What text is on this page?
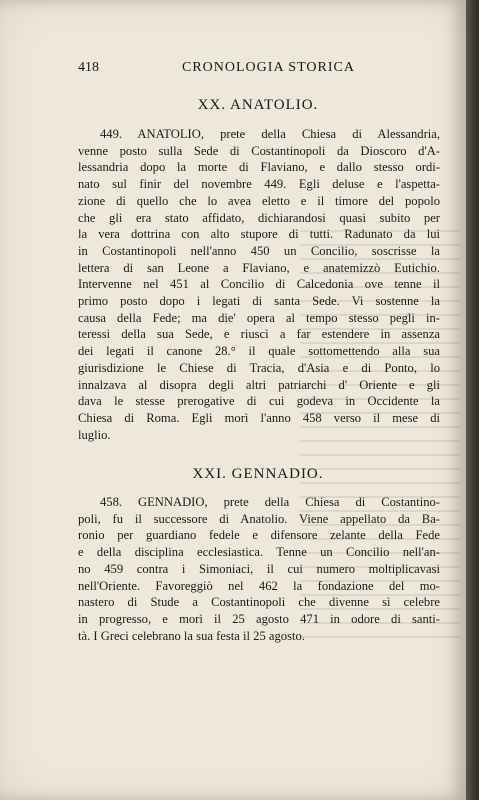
418	CRONOLOGIA STORICA
XX. ANATOLIO.
449. ANATOLIO, prete della Chiesa di Alessandria,
venne posto sulla Sede di Costantinopoli da Dioscoro d'A-
lessandria dopo la morte di Flaviano, e dallo stesso ordi-
nato sul finir del novembre 449. Egli deluse e l'aspetta-
zione di quello che lo avea eletto e il timore del popolo
che gli era stato affidato, dichiarandosi quasi subito per
la vera dottrina con alto stupore di tutti. Radunato da lui
in Costantinopoli nell'anno 450 un Concilio, soscrisse la
lettera di san Leone a Flaviano, e anatemizzò Eutichio.
Intervenne nel 451 al Concilio di Calcedonia ove tenne il
primo posto dopo i legati di santa Sede. Vi sostenne la
causa della Fede; ma die' opera al tempo stesso pegli in-
teressi della sua Sede, e riuscì a far estendere in assenza
dei legati il canone 28.° il quale sottomettendo alla sua
giurisdizione le Chiese di Tracia, d'Asia e di Ponto, lo
innalzava al disopra degli altri patriarchi d' Oriente e gli
dava le stesse prerogative di cui godeva in Occidente la
Chiesa di Roma. Egli morì l'anno 458 verso il mese di
luglio.
XXI. GENNADIO.
458. GENNADIO, prete della Chiesa di Costantino-
poli, fu il successore di Anatolio. Viene appellato da Ba-
ronio per guardiano fedele e difensore zelante della Fede
e della disciplina ecclesiastica. Tenne un Concilio nell'an-
no 459 contra i Simoniaci, il cui numero moltiplicavasi
nell'Oriente. Favoreggiò nel 462 la fondazione del mo-
nastero di Stude a Costantinopoli che divenne sì celebre
in progresso, e morì il 25 agosto 471 in odore di santi-
tà. I Greci celebrano la sua festa il 25 agosto.
